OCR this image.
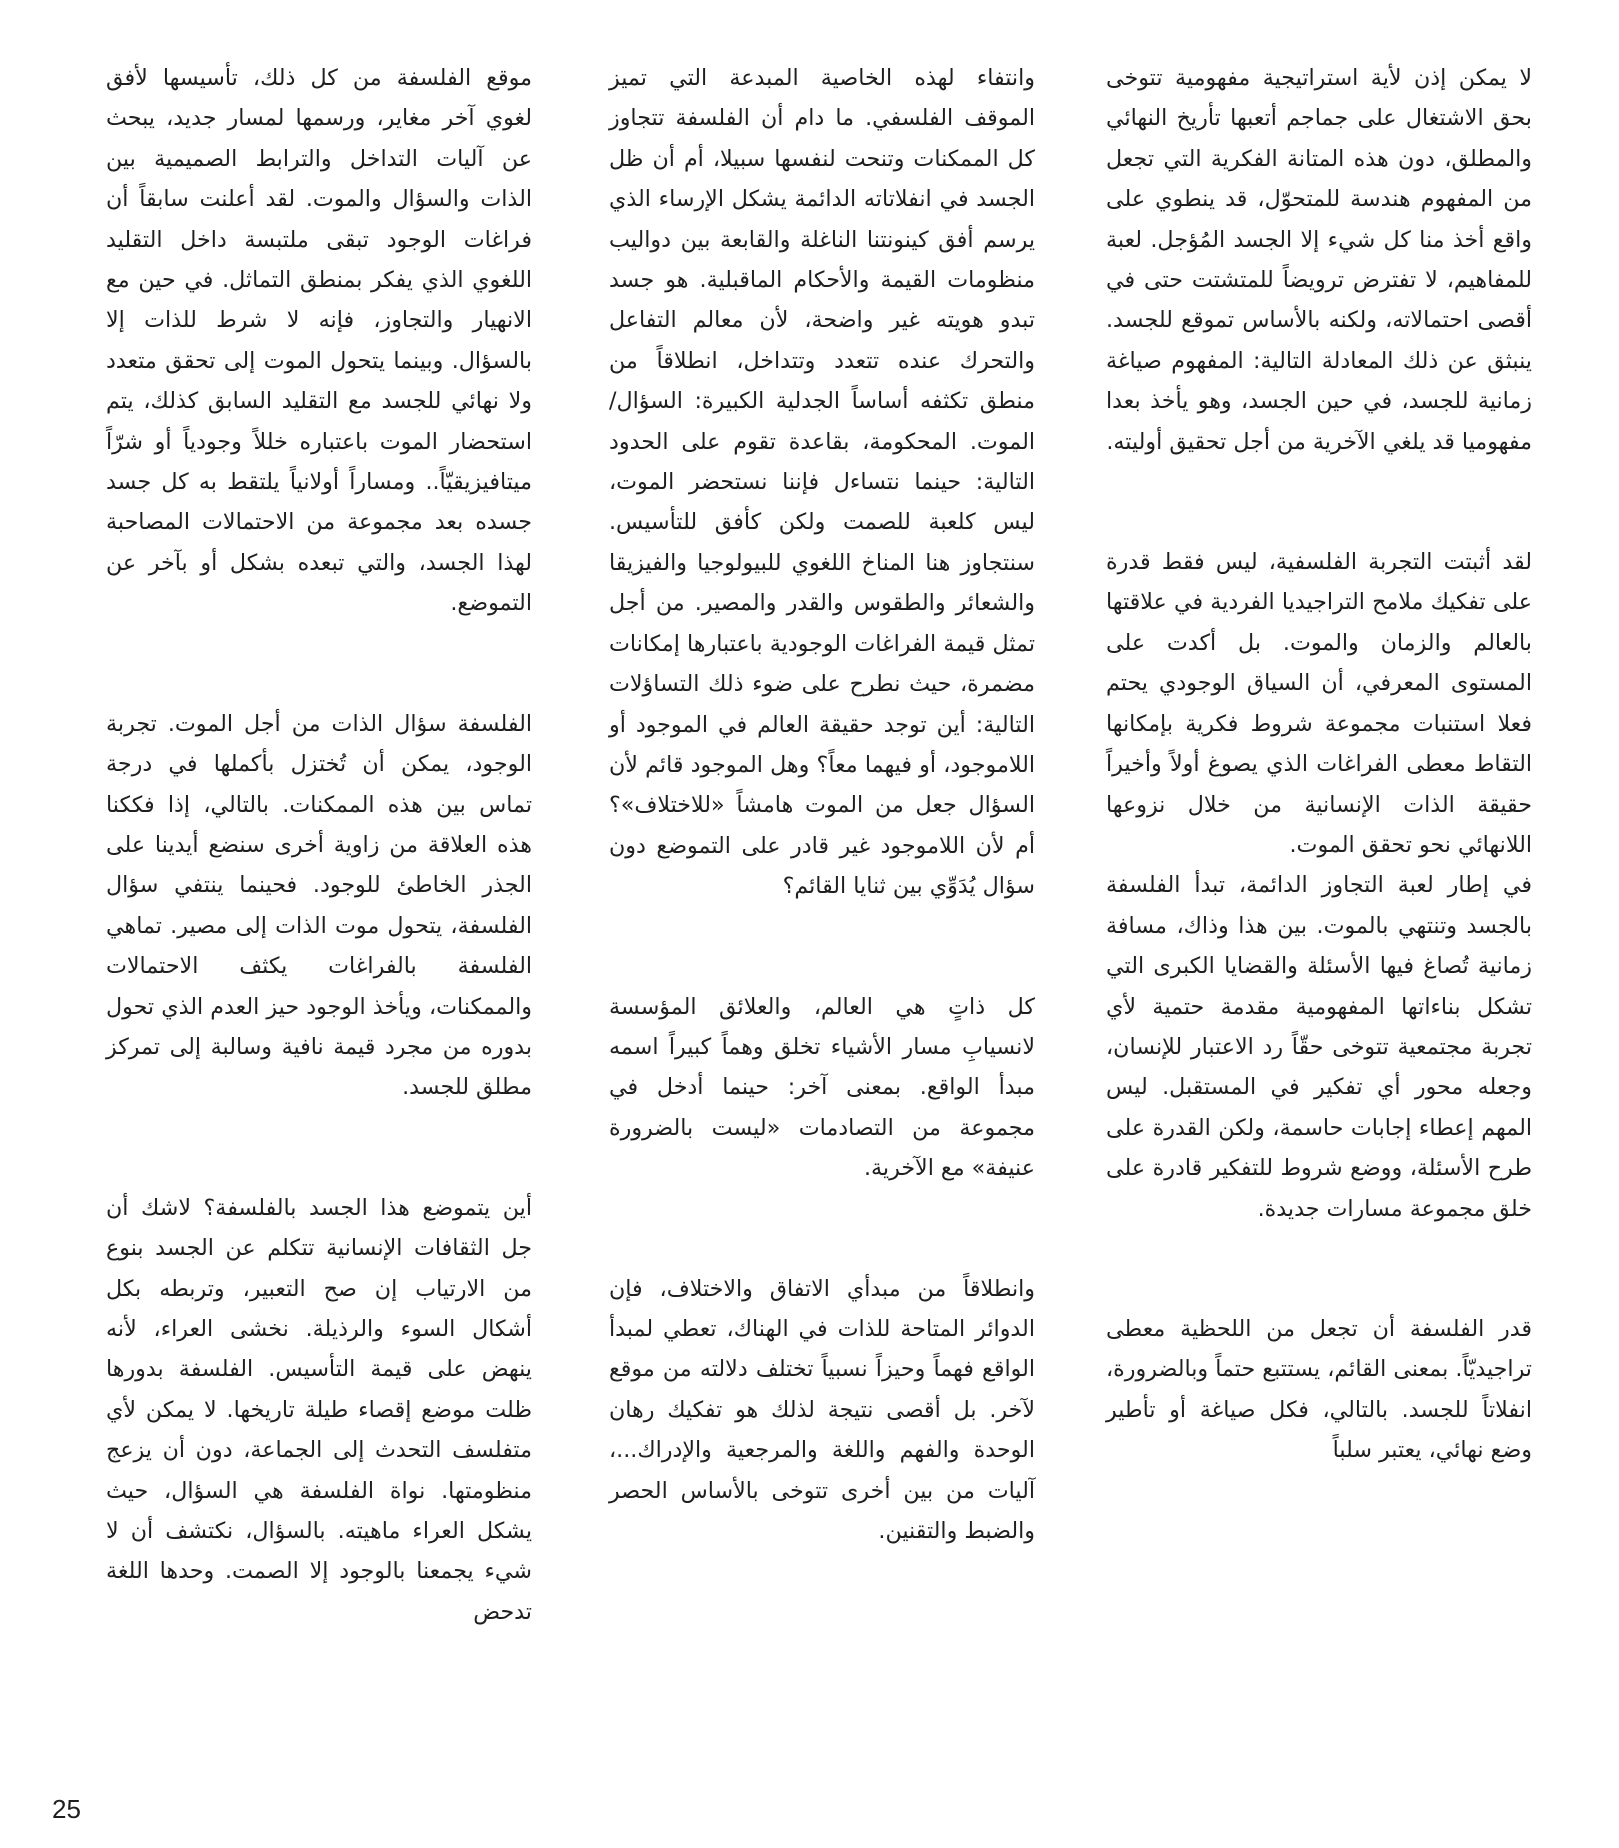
لا يمكن إذن لأية استراتيجية مفهومية تتوخى بحق الاشتغال على جماجم أتعبها تأريخ النهائي والمطلق، دون هذه المتانة الفكرية التي تجعل من المفهوم هندسة للمتحوّل، قد ينطوي على واقع أخذ منا كل شيء إلا الجسد المُؤجل. لعبة للمفاهيم، لا تفترض ترويضاً للمتشتت حتى في أقصى احتمالاته، ولكنه بالأساس تموقع للجسد. ينبثق عن ذلك المعادلة التالية: المفهوم صياغة زمانية للجسد، في حين الجسد، وهو يأخذ بعدا مفهوميا قد يلغي الآخرية من أجل تحقيق أوليته.

لقد أثبتت التجربة الفلسفية، ليس فقط قدرة على تفكيك ملامح التراجيديا الفردية في علاقتها بالعالم والزمان والموت. بل أكدت على المستوى المعرفي، أن السياق الوجودي يحتم فعلا استنبات مجموعة شروط فكرية بإمكانها التقاط معطى الفراغات الذي يصوغ أولاً وأخيراً حقيقة الذات الإنسانية من خلال نزوعها اللانهائي نحو تحقق الموت.

في إطار لعبة التجاوز الدائمة، تبدأ الفلسفة بالجسد وتنتهي بالموت. بين هذا وذاك، مسافة زمانية تُصاغ فيها الأسئلة والقضايا الكبرى التي تشكل بناءاتها المفهومية مقدمة حتمية لأي تجربة مجتمعية تتوخى حقّاً رد الاعتبار للإنسان، وجعله محور أي تفكير في المستقبل. ليس المهم إعطاء إجابات حاسمة، ولكن القدرة على طرح الأسئلة، ووضع شروط للتفكير قادرة على خلق مجموعة مسارات جديدة.

قدر الفلسفة أن تجعل من اللحظية معطى تراجيديّاً. بمعنى القائم، يستتبع حتماً وبالضرورة، انفلاتاً للجسد. بالتالي، فكل صياغة أو تأطير وضع نهائي، يعتبر سلباً

وانتفاء لهذه الخاصية المبدعة التي تميز الموقف الفلسفي. ما دام أن الفلسفة تتجاوز كل الممكنات وتنحت لنفسها سبيلا، أم أن ظل الجسد في انفلاتاته الدائمة يشكل الإرساء الذي يرسم أفق كينونتنا الناغلة والقابعة بين دواليب منظومات القيمة والأحكام الماقبلية. هو جسد تبدو هويته غير واضحة، لأن معالم التفاعل والتحرك عنده تتعدد وتتداخل، انطلاقاً من منطق تكثفه أساساً الجدلية الكبيرة: السؤال/الموت. المحكومة، بقاعدة تقوم على الحدود التالية: حينما نتساءل فإننا نستحضر الموت، ليس كلعبة للصمت ولكن كأفق للتأسيس. سنتجاوز هنا المناخ اللغوي للبيولوجيا والفيزيقا والشعائر والطقوس والقدر والمصير. من أجل تمثل قيمة الفراغات الوجودية باعتبارها إمكانات مضمرة، حيث نطرح على ضوء ذلك التساؤلات التالية: أين توجد حقيقة العالم في الموجود أو اللاموجود، أو فيهما معاً؟ وهل الموجود قائم لأن السؤال جعل من الموت هامشاً «للاختلاف»؟ أم لأن اللاموجود غير قادر على التموضع دون سؤال يُدَوِّي بين ثنايا القائم؟

كل ذاتٍ هي العالم، والعلائق المؤسسة لانسيابِ مسار الأشياء تخلق وهماً كبيراً اسمه مبدأ الواقع. بمعنى آخر: حينما أدخل في مجموعة من التصادمات «ليست بالضرورة عنيفة» مع الآخرية.

وانطلاقاً من مبدأي الاتفاق والاختلاف، فإن الدوائر المتاحة للذات في الهناك، تعطي لمبدأ الواقع فهماً وحيزاً نسبياً تختلف دلالته من موقع لآخر. بل أقصى نتيجة لذلك هو تفكيك رهان الوحدة والفهم واللغة والمرجعية والإدراك...، آليات من بين أخرى تتوخى بالأساس الحصر والضبط والتقنين.

موقع الفلسفة من كل ذلك، تأسيسها لأفق لغوي آخر مغاير، ورسمها لمسار جديد، يبحث عن آليات التداخل والترابط الصميمية بين الذات والسؤال والموت. لقد أعلنت سابقاً أن فراغات الوجود تبقى ملتبسة داخل التقليد اللغوي الذي يفكر بمنطق التماثل. في حين مع الانهيار والتجاوز، فإنه لا شرط للذات إلا بالسؤال. وبينما يتحول الموت إلى تحقق متعدد ولا نهائي للجسد مع التقليد السابق كذلك، يتم استحضار الموت باعتباره خللاً وجودياً أو شرّاً ميتافيزيقيّاً.. ومساراً أولانياً يلتقط به كل جسد جسده بعد مجموعة من الاحتمالات المصاحبة لهذا الجسد، والتي تبعده بشكل أو بآخر عن التموضع.

الفلسفة سؤال الذات من أجل الموت. تجربة الوجود، يمكن أن تُختزل بأكملها في درجة تماس بين هذه الممكنات. بالتالي، إذا فككنا هذه العلاقة من زاوية أخرى سنضع أيدينا على الجذر الخاطئ للوجود. فحينما ينتفي سؤال الفلسفة، يتحول موت الذات إلى مصير. تماهي الفلسفة بالفراغات يكثف الاحتمالات والممكنات، ويأخذ الوجود حيز العدم الذي تحول بدوره من مجرد قيمة نافية وسالبة إلى تمركز مطلق للجسد.

أين يتموضع هذا الجسد بالفلسفة؟ لاشك أن جل الثقافات الإنسانية تتكلم عن الجسد بنوع من الارتياب إن صح التعبير، وتربطه بكل أشكال السوء والرذيلة. نخشى العراء، لأنه ينهض على قيمة التأسيس. الفلسفة بدورها ظلت موضع إقصاء طيلة تاريخها. لا يمكن لأي متفلسف التحدث إلى الجماعة، دون أن يزعج منظومتها. نواة الفلسفة هي السؤال، حيث يشكل العراء ماهيته. بالسؤال، نكتشف أن لا شيء يجمعنا بالوجود إلا الصمت. وحدها اللغة تدحض

25
